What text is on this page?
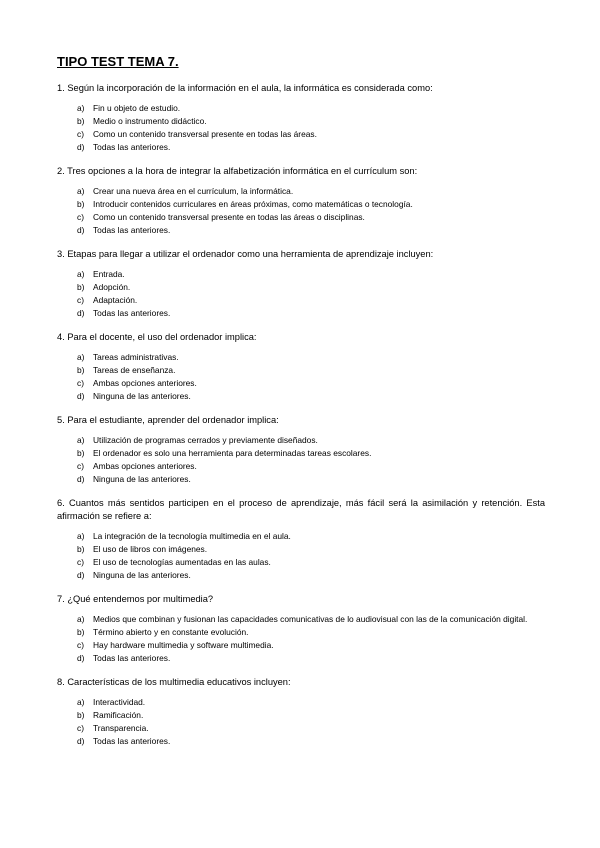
TIPO TEST TEMA 7.
1. Según la incorporación de la información en el aula, la informática es considerada como:
a)	Fin u objeto de estudio.
b)	Medio o instrumento didáctico.
c)	Como un contenido transversal presente en todas las áreas.
d)	Todas las anteriores.
2. Tres opciones a la hora de integrar la alfabetización informática en el currículum son:
a)	Crear una nueva área en el currículum, la informática.
b)	Introducir contenidos curriculares en áreas próximas, como matemáticas o tecnología.
c)	Como un contenido transversal presente en todas las áreas o disciplinas.
d)	Todas las anteriores.
3. Etapas para llegar a utilizar el ordenador como una herramienta de aprendizaje incluyen:
a)	Entrada.
b)	Adopción.
c)	Adaptación.
d)	Todas las anteriores.
4. Para el docente, el uso del ordenador implica:
a)	Tareas administrativas.
b)	Tareas de enseñanza.
c)	Ambas opciones anteriores.
d)	Ninguna de las anteriores.
5. Para el estudiante, aprender del ordenador implica:
a)	Utilización de programas cerrados y previamente diseñados.
b)	El ordenador es solo una herramienta para determinadas tareas escolares.
c)	Ambas opciones anteriores.
d)	Ninguna de las anteriores.
6. Cuantos más sentidos participen en el proceso de aprendizaje, más fácil será la asimilación y retención. Esta afirmación se refiere a:
a)	La integración de la tecnología multimedia en el aula.
b)	El uso de libros con imágenes.
c)	El uso de tecnologías aumentadas en las aulas.
d)	Ninguna de las anteriores.
7. ¿Qué entendemos por multimedia?
a)	Medios que combinan y fusionan las capacidades comunicativas de lo audiovisual con las de la comunicación digital.
b)	Término abierto y en constante evolución.
c)	Hay hardware multimedia y software multimedia.
d)	Todas las anteriores.
8. Características de los multimedia educativos incluyen:
a)	Interactividad.
b)	Ramificación.
c)	Transparencia.
d)	Todas las anteriores.
